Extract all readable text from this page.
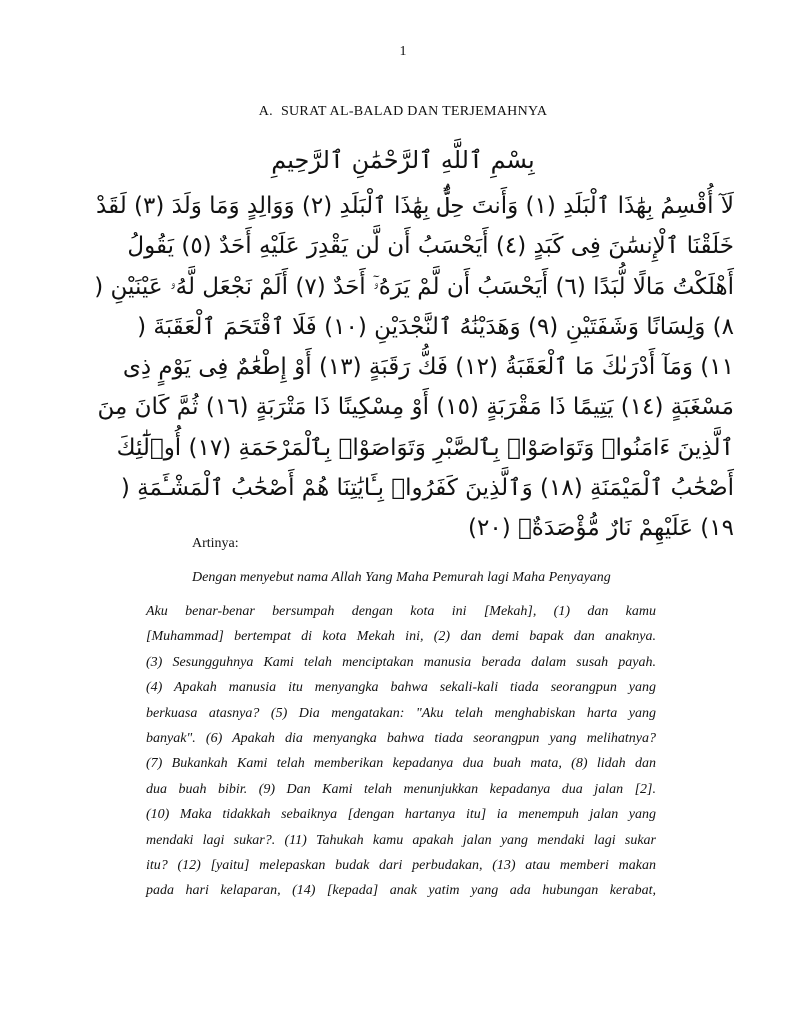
1
A. SURAT AL-BALAD DAN TERJEMAHNYA
بِسْمِ ٱللَّهِ ٱلرَّحْمَٰنِ ٱلرَّحِيمِ
لَآ أُقْسِمُ بِهَٰذَا ٱلْبَلَدِ (١) وَأَنتَ حِلٌّۢ بِهَٰذَا ٱلْبَلَدِ (٢) وَوَالِدٍ وَمَا وَلَدَ (٣) لَقَدْ
خَلَقْنَا ٱلْإِنسَٰنَ فِى كَبَدٍ (٤) أَيَحْسَبُ أَن لَّن يَقْدِرَ عَلَيْهِ أَحَدٌ (٥) يَقُولُ
أَهْلَكْتُ مَالًا لُّبَدًا (٦) أَيَحْسَبُ أَن لَّمْ يَرَهُۥٓ أَحَدٌ (٧) أَلَمْ نَجْعَل لَّهُۥ عَيْنَيْنِ (
٨) وَلِسَانًا وَشَفَتَيْنِ (٩) وَهَدَيْنَٰهُ ٱلنَّجْدَيْنِ (١٠) فَلَا ٱقْتَحَمَ ٱلْعَقَبَةَ (
١١) وَمَآ أَدْرَىٰكَ مَا ٱلْعَقَبَةُ (١٢) فَكُّ رَقَبَةٍ (١٣) أَوْ إِطْعَٰمٌ فِى يَوْمٍ ذِى
مَسْغَبَةٍ (١٤) يَتِيمًا ذَا مَقْرَبَةٍ (١٥) أَوْ مِسْكِينًا ذَا مَتْرَبَةٍ (١٦) ثُمَّ كَانَ مِنَ
ٱلَّذِينَ ءَامَنُوا۟ وَتَوَاصَوْا۟ بِٱلصَّبْرِ وَتَوَاصَوْا۟ بِٱلْمَرْحَمَةِ (١٧) أُو۟لَٰٓئِكَ
أَصْحَٰبُ ٱلْمَيْمَنَةِ (١٨) وَٱلَّذِينَ كَفَرُوا۟ بِـَٔايَٰتِنَا هُمْ أَصْحَٰبُ ٱلْمَشْـَٔمَةِ (
١٩) عَلَيْهِمْ نَارٌ مُّؤْصَدَةٌۢ (٢٠)
Artinya:
Dengan menyebut nama Allah Yang Maha Pemurah lagi Maha Penyayang
Aku benar-benar bersumpah dengan kota ini [Mekah], (1) dan kamu
[Muhammad] bertempat di kota Mekah ini, (2) dan demi bapak dan anaknya.
(3) Sesungguhnya Kami telah menciptakan manusia berada dalam susah payah.
(4) Apakah manusia itu menyangka bahwa sekali-kali tiada seorangpun yang
berkuasa atasnya? (5) Dia mengatakan: "Aku telah menghabiskan harta yang
banyak". (6) Apakah dia menyangka bahwa tiada seorangpun yang melihatnya?
(7) Bukankah Kami telah memberikan kepadanya dua buah mata, (8) lidah dan
dua buah bibir. (9) Dan Kami telah menunjukkan kepadanya dua jalan [2].
(10) Maka tidakkah sebaiknya [dengan hartanya itu] ia menempuh jalan yang
mendaki lagi sukar?. (11) Tahukah kamu apakah jalan yang mendaki lagi sukar
itu? (12) [yaitu] melepaskan budak dari perbudakan, (13) atau memberi makan
pada hari kelaparan, (14) [kepada] anak yatim yang ada hubungan kerabat,
